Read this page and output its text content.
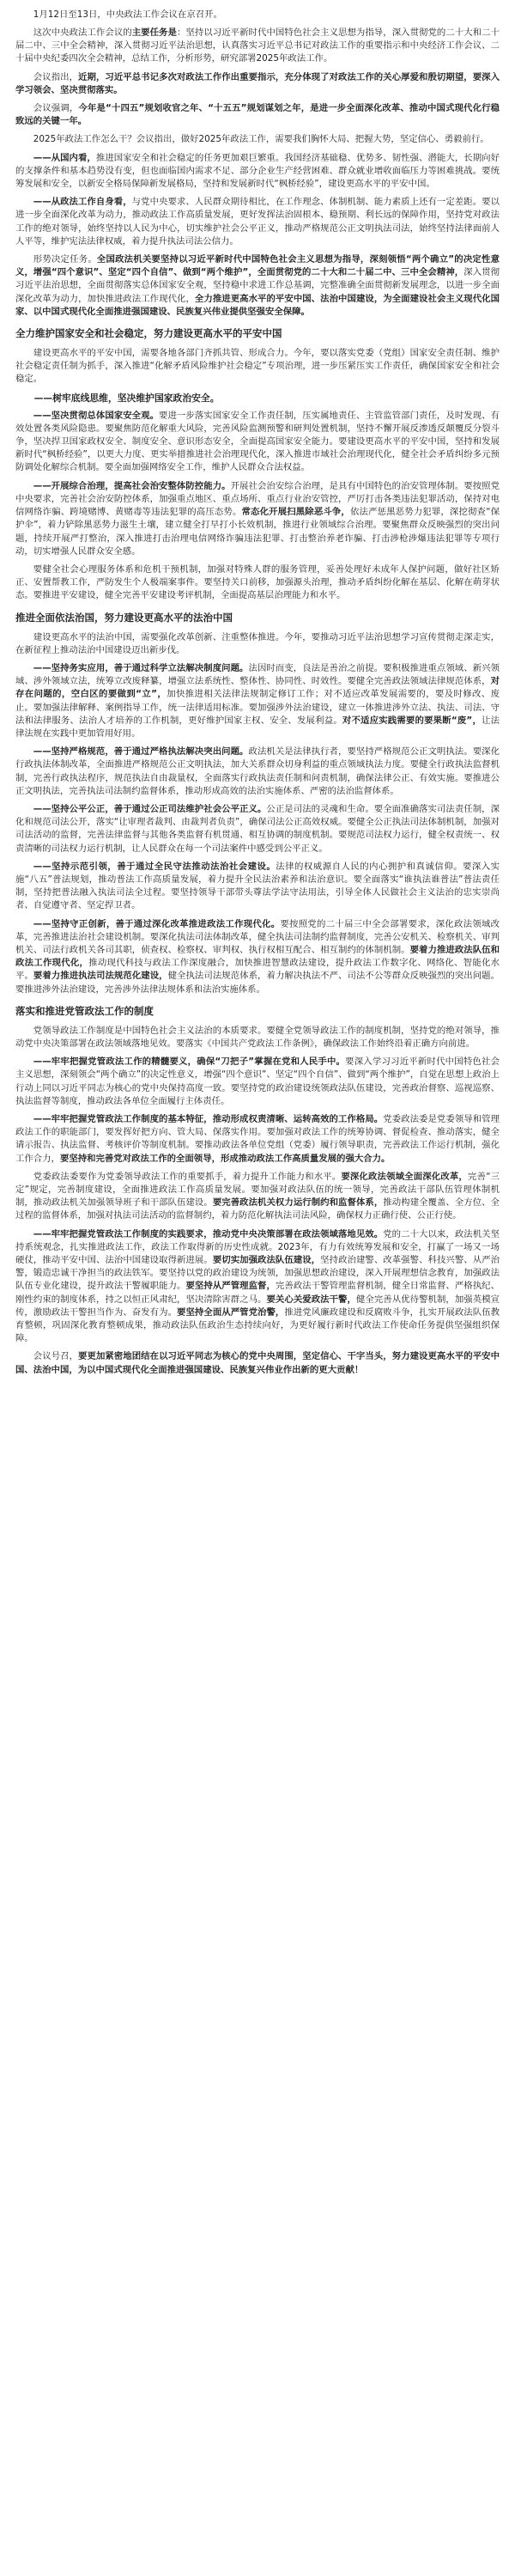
1月12日至13日，中央政法工作会议在京召开。

这次中央政法工作会议的主要任务是：坚持以习近平新时代中国特色社会主义思想为指导，深入贯彻党的二十大和二十届二中、三中全会精神，深入贯彻习近平法治思想，认真落实习近平总书记对政法工作的重要指示和中央经济工作会议、二十届中央纪委四次全会精神，总结工作，分析形势，研究部署2025年政法工作。

会议指出，近期，习近平总书记多次对政法工作作出重要指示，充分体现了对政法工作的关心厚爱和殷切期望，要深入学习领会、坚决贯彻落实。

会议强调，今年是“十四五”规划收官之年、“十五五”规划谋划之年，是进一步全面深化改革、推动中国式现代化行稳致远的关键一年。

2025年政法工作怎么干？会议指出，做好2025年政法工作，需要我们胸怀大局、把握大势，坚定信心、勇毅前行。

——从国内看，推进国家安全和社会稳定的任务更加艰巨繁重。我国经济基础稳、优势多、韧性强、潜能大，长期向好的支撑条件和基本趋势没有变，但也面临国内需求不足、部分企业生产经营困难、群众就业增收面临压力等困难挑战。要统筹发展和安全，以新安全格局保障新发展格局，坚持和发展新时代“枫桥经验”，建设更高水平的平安中国。

——从政法工作自身看，与党中央要求、人民群众期待相比，在工作理念、体制机制、能力素质上还有一定差距。要以进一步全面深化改革为动力，推动政法工作高质量发展，更好发挥法治固根本、稳预期、利长远的保障作用，坚持党对政法工作的绝对领导，始终坚持以人民为中心，切实维护社会公平正义，推动严格规范公正文明执法司法，始终坚持法律面前人人平等，维护宪法法律权威，着力提升执法司法公信力。

形势决定任务。全国政法机关要坚持以习近平新时代中国特色社会主义思想为指导，深刻领悟“两个确立”的决定性意义，增强“四个意识”、坚定“四个自信”、做到“两个维护”，全面贯彻党的二十大和二十届二中、三中全会精神，深入贯彻习近平法治思想，全面贯彻落实总体国家安全观，坚持稳中求进工作总基调，完整准确全面贯彻新发展理念，以进一步全面深化改革为动力，加快推进政法工作现代化，全力推进更高水平的平安中国、法治中国建设，为全面建设社会主义现代化国家、以中国式现代化全面推进强国建设、民族复兴伟业提供坚强安全保障。

全力维护国家安全和社会稳定，努力建设更高水平的平安中国

建设更高水平的平安中国，需要各地各部门齐抓共管、形成合力。今年，要以落实党委（党组）国家安全责任制、维护社会稳定责任制为抓手，深入推进“化解矛盾风险维护社会稳定”专项治理，进一步压紧压实工作责任，确保国家安全和社会稳定。

——树牢底线思维，坚决维护国家政治安全。

——坚决贯彻总体国家安全观。要进一步落实国家安全工作责任制，压实属地责任、主管监管部门责任，及时发现、有效处置各类风险隐患。要聚焦防范化解重大风险，完善风险监测预警和研判处置机制，坚持不懈开展反渗透反颠覆反分裂斗争，坚决捍卫国家政权安全、制度安全、意识形态安全，全面提高国家安全能力。要建设更高水平的平安中国，坚持和发展新时代“枫桥经验”，以更大力度、更实举措推进社会治理现代化，深入推进市域社会治理现代化，健全社会矛盾纠纷多元预防调处化解综合机制。要全面加强网络安全工作，维护人民群众合法权益。

——开展综合治理，提高社会治安整体防控能力。开展社会治安综合治理，是具有中国特色的治安管理体制。要按照党中央要求，完善社会治安防控体系，加强重点地区、重点场所、重点行业治安管控，严厉打击各类违法犯罪活动，保持对电信网络诈骗、跨境赌博、黄赌毒等违法犯罪的高压态势。常态化开展扫黑除恶斗争，依法严惩黑恶势力犯罪，深挖彻查“保护伞”，着力铲除黑恶势力滋生土壤，建立健全打早打小长效机制，推进行业领域综合治理。要聚焦群众反映强烈的突出问题，持续开展严打整治，深入推进打击治理电信网络诈骗违法犯罪、打击整治养老诈骗、打击涉枪涉爆违法犯罪等专项行动，切实增强人民群众安全感。

要健全社会心理服务体系和危机干预机制，加强对特殊人群的服务管理，妥善处理好未成年人保护问题，做好社区矫正、安置帮教工作，严防发生个人极端案事件。要坚持关口前移，加强源头治理，推动矛盾纠纷化解在基层、化解在萌芽状态。要推进平安建设，健全完善平安建设考评机制，全面提高基层治理能力和水平。

推进全面依法治国，努力建设更高水平的法治中国

建设更高水平的法治中国，需要强化改革创新、注重整体推进。今年，要推动习近平法治思想学习宣传贯彻走深走实，在新征程上推动法治中国建设迈出新步伐。

——坚持务实应用，善于通过科学立法解决制度问题。法因时而变，良法是善治之前提。要积极推进重点领域、新兴领域、涉外领域立法，统筹立改废释纂，增强立法系统性、整体性、协同性、时效性。要健全完善政法领域法律规范体系，对存在问题的，空白区的要做到“立”，加快推进相关法律法规制定修订工作；对不适应改革发展需要的，要及时修改、废止。要加强法律解释、案例指导工作，统一法律适用标准。要加强涉外法治建设，建立一体推进涉外立法、执法、司法、守法和法律服务、法治人才培养的工作机制，更好维护国家主权、安全、发展利益。对不适应实践需要的要果断“废”，让法律法规在实践中更加管用好用。

——坚持严格规范，善于通过严格执法解决突出问题。政法机关是法律执行者，要坚持严格规范公正文明执法。要深化行政执法体制改革，全面推进严格规范公正文明执法，加大关系群众切身利益的重点领域执法力度。要健全行政执法监督机制，完善行政执法程序，规范执法自由裁量权，全面落实行政执法责任制和问责机制，确保法律公正、有效实施。要推进公正文明执法，完善执法司法制约监督体系，推动形成高效的法治实施体系、严密的法治监督体系。

——坚持公平公正，善于通过公正司法维护社会公平正义。公正是司法的灵魂和生命。要全面准确落实司法责任制，深化和规范司法公开，落实“让审理者裁判、由裁判者负责”，确保司法公正高效权威。要健全公正执法司法体制机制，加强对司法活动的监督，完善法律监督与其他各类监督有机贯通、相互协调的制度机制。要规范司法权力运行，健全权责统一、权责清晰的司法权力运行机制，让人民群众在每一个司法案件中感受到公平正义。

——坚持示范引领，善于通过全民守法推动法治社会建设。法律的权威源自人民的内心拥护和真诚信仰。要深入实施“八五”普法规划，推动普法工作高质量发展，着力提升全民法治素养和法治意识。要全面落实“谁执法谁普法”普法责任制，坚持把普法融入执法司法全过程。要坚持领导干部带头尊法学法守法用法，引导全体人民做社会主义法治的忠实崇尚者、自觉遵守者、坚定捍卫者。

——坚持守正创新，善于通过深化改革推进政法工作现代化。要按照党的二十届三中全会部署要求，深化政法领域改革，完善推进法治社会建设机制。要深化执法司法体制改革，健全执法司法制约监督制度，完善公安机关、检察机关、审判机关、司法行政机关各司其职，侦查权、检察权、审判权、执行权相互配合、相互制约的体制机制。要着力推进政法队伍和政法工作现代化，推动现代科技与政法工作深度融合，加快推进智慧政法建设，提升政法工作数字化、网络化、智能化水平。要着力推进执法司法规范化建设，健全执法司法规范体系，着力解决执法不严、司法不公等群众反映强烈的突出问题。要推进涉外法治建设，完善涉外法律法规体系和法治实施体系。

落实和推进党管政法工作的制度

党领导政法工作制度是中国特色社会主义法治的本质要求。要健全党领导政法工作的制度机制，坚持党的绝对领导，推动党中央决策部署在政法领域落地见效。要落实《中国共产党政法工作条例》，确保政法工作始终沿着正确方向前进。

——牢牢把握党管政法工作的精髓要义，确保“刀把子”掌握在党和人民手中。要深入学习习近平新时代中国特色社会主义思想，深刻领会“两个确立”的决定性意义，增强“四个意识”、坚定“四个自信”、做到“两个维护”，自觉在思想上政治上行动上同以习近平同志为核心的党中央保持高度一致。要坚持党的政治建设统领政法队伍建设，完善政治督察、巡视巡察、执法监督等制度，推动政法各单位全面履行主体责任。

——牢牢把握党管政法工作制度的基本特征，推动形成权责清晰、运转高效的工作格局。党委政法委是党委领导和管理政法工作的职能部门，要发挥好把方向、管大局、保落实作用。要加强对政法工作的统筹协调、督促检查、推动落实，健全请示报告、执法监督、考核评价等制度机制。要推动政法各单位党组（党委）履行领导职责，完善政法工作运行机制，强化工作合力，要坚持和完善党对政法工作的全面领导，形成推动政法工作高质量发展的强大合力。

党委政法委要作为党委领导政法工作的重要抓手，着力提升工作能力和水平。要深化政法领域全面深化改革，完善“三定”规定，完善制度建设，全面推进政法工作高质量发展。要加强对政法队伍的统一领导，完善政法干部队伍管理体制机制，推动政法机关加强领导班子和干部队伍建设。要完善政法机关权力运行制约和监督体系，推动构建全覆盖、全方位、全过程的监督体系，加强对执法司法活动的监督制约，着力防范化解执法司法风险，确保权力正确行使、公正行使。

——牢牢把握党管政法工作制度的实践要求，推动党中央决策部署在政法领域落地见效。党的二十大以来，政法机关坚持系统观念，扎实推进政法工作，政法工作取得新的历史性成就。2023年，有力有效统筹发展和安全，打赢了一场又一场硬仗，推动平安中国、法治中国建设取得新进展。要切实加强政法队伍建设，坚持政治建警、改革强警、科技兴警、从严治警，锻造忠诚干净担当的政法铁军。要坚持以党的政治建设为统领，加强思想政治建设，深入开展理想信念教育，加强政法队伍专业化建设，提升政法干警履职能力。要坚持从严管理监督，完善政法干警管理监督机制，健全日常监督、严格执纪、刚性约束的制度体系，持之以恒正风肃纪，坚决清除害群之马。要关心关爱政法干警，健全完善从优待警机制，加强英模宣传，激励政法干警担当作为、奋发有为。要坚持全面从严管党治警，推进党风廉政建设和反腐败斗争，扎实开展政法队伍教育整顿，巩固深化教育整顿成果，推动政法队伍政治生态持续向好，为更好履行新时代政法工作使命任务提供坚强组织保障。

会议号召，要更加紧密地团结在以习近平同志为核心的党中央周围，坚定信心、干字当头，努力建设更高水平的平安中国、法治中国，为以中国式现代化全面推进强国建设、民族复兴伟业作出新的更大贡献！
